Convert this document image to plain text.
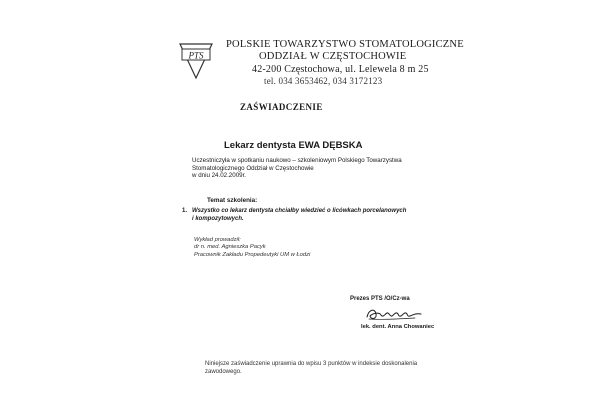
PTS
POLSKIE TOWARZYSTWO STOMATOLOGICZNE
ODDZIAŁ W CZĘSTOCHOWIE
42-200 Częstochowa, ul. Lelewela 8 m 25
tel. 034 3653462, 034 3172123
ZAŚWIADCZENIE
Lekarz dentysta EWA DĘBSKA
Uczestniczyła w spotkaniu naukowo – szkoleniowym Polskiego Towarzystwa
Stomatologicznego Oddział w Częstochowie
w dniu 24.02.2009r.
Temat szkolenia:
1. Wszystko co lekarz dentysta chciałby wiedzieć o licówkach porcelanowych
i kompozytowych.
Wykład prowadził:
dr n. med. Agnieszka Pacyk
Pracownik Zakładu Propedeutyki UM w Łodzi
Prezes PTS /O/Cz-wa
lek. dent. Anna Chowaniec
Niniejsze zaświadczenie uprawnia do wpisu 3 punktów w indeksie doskonalenia
zawodowego.
